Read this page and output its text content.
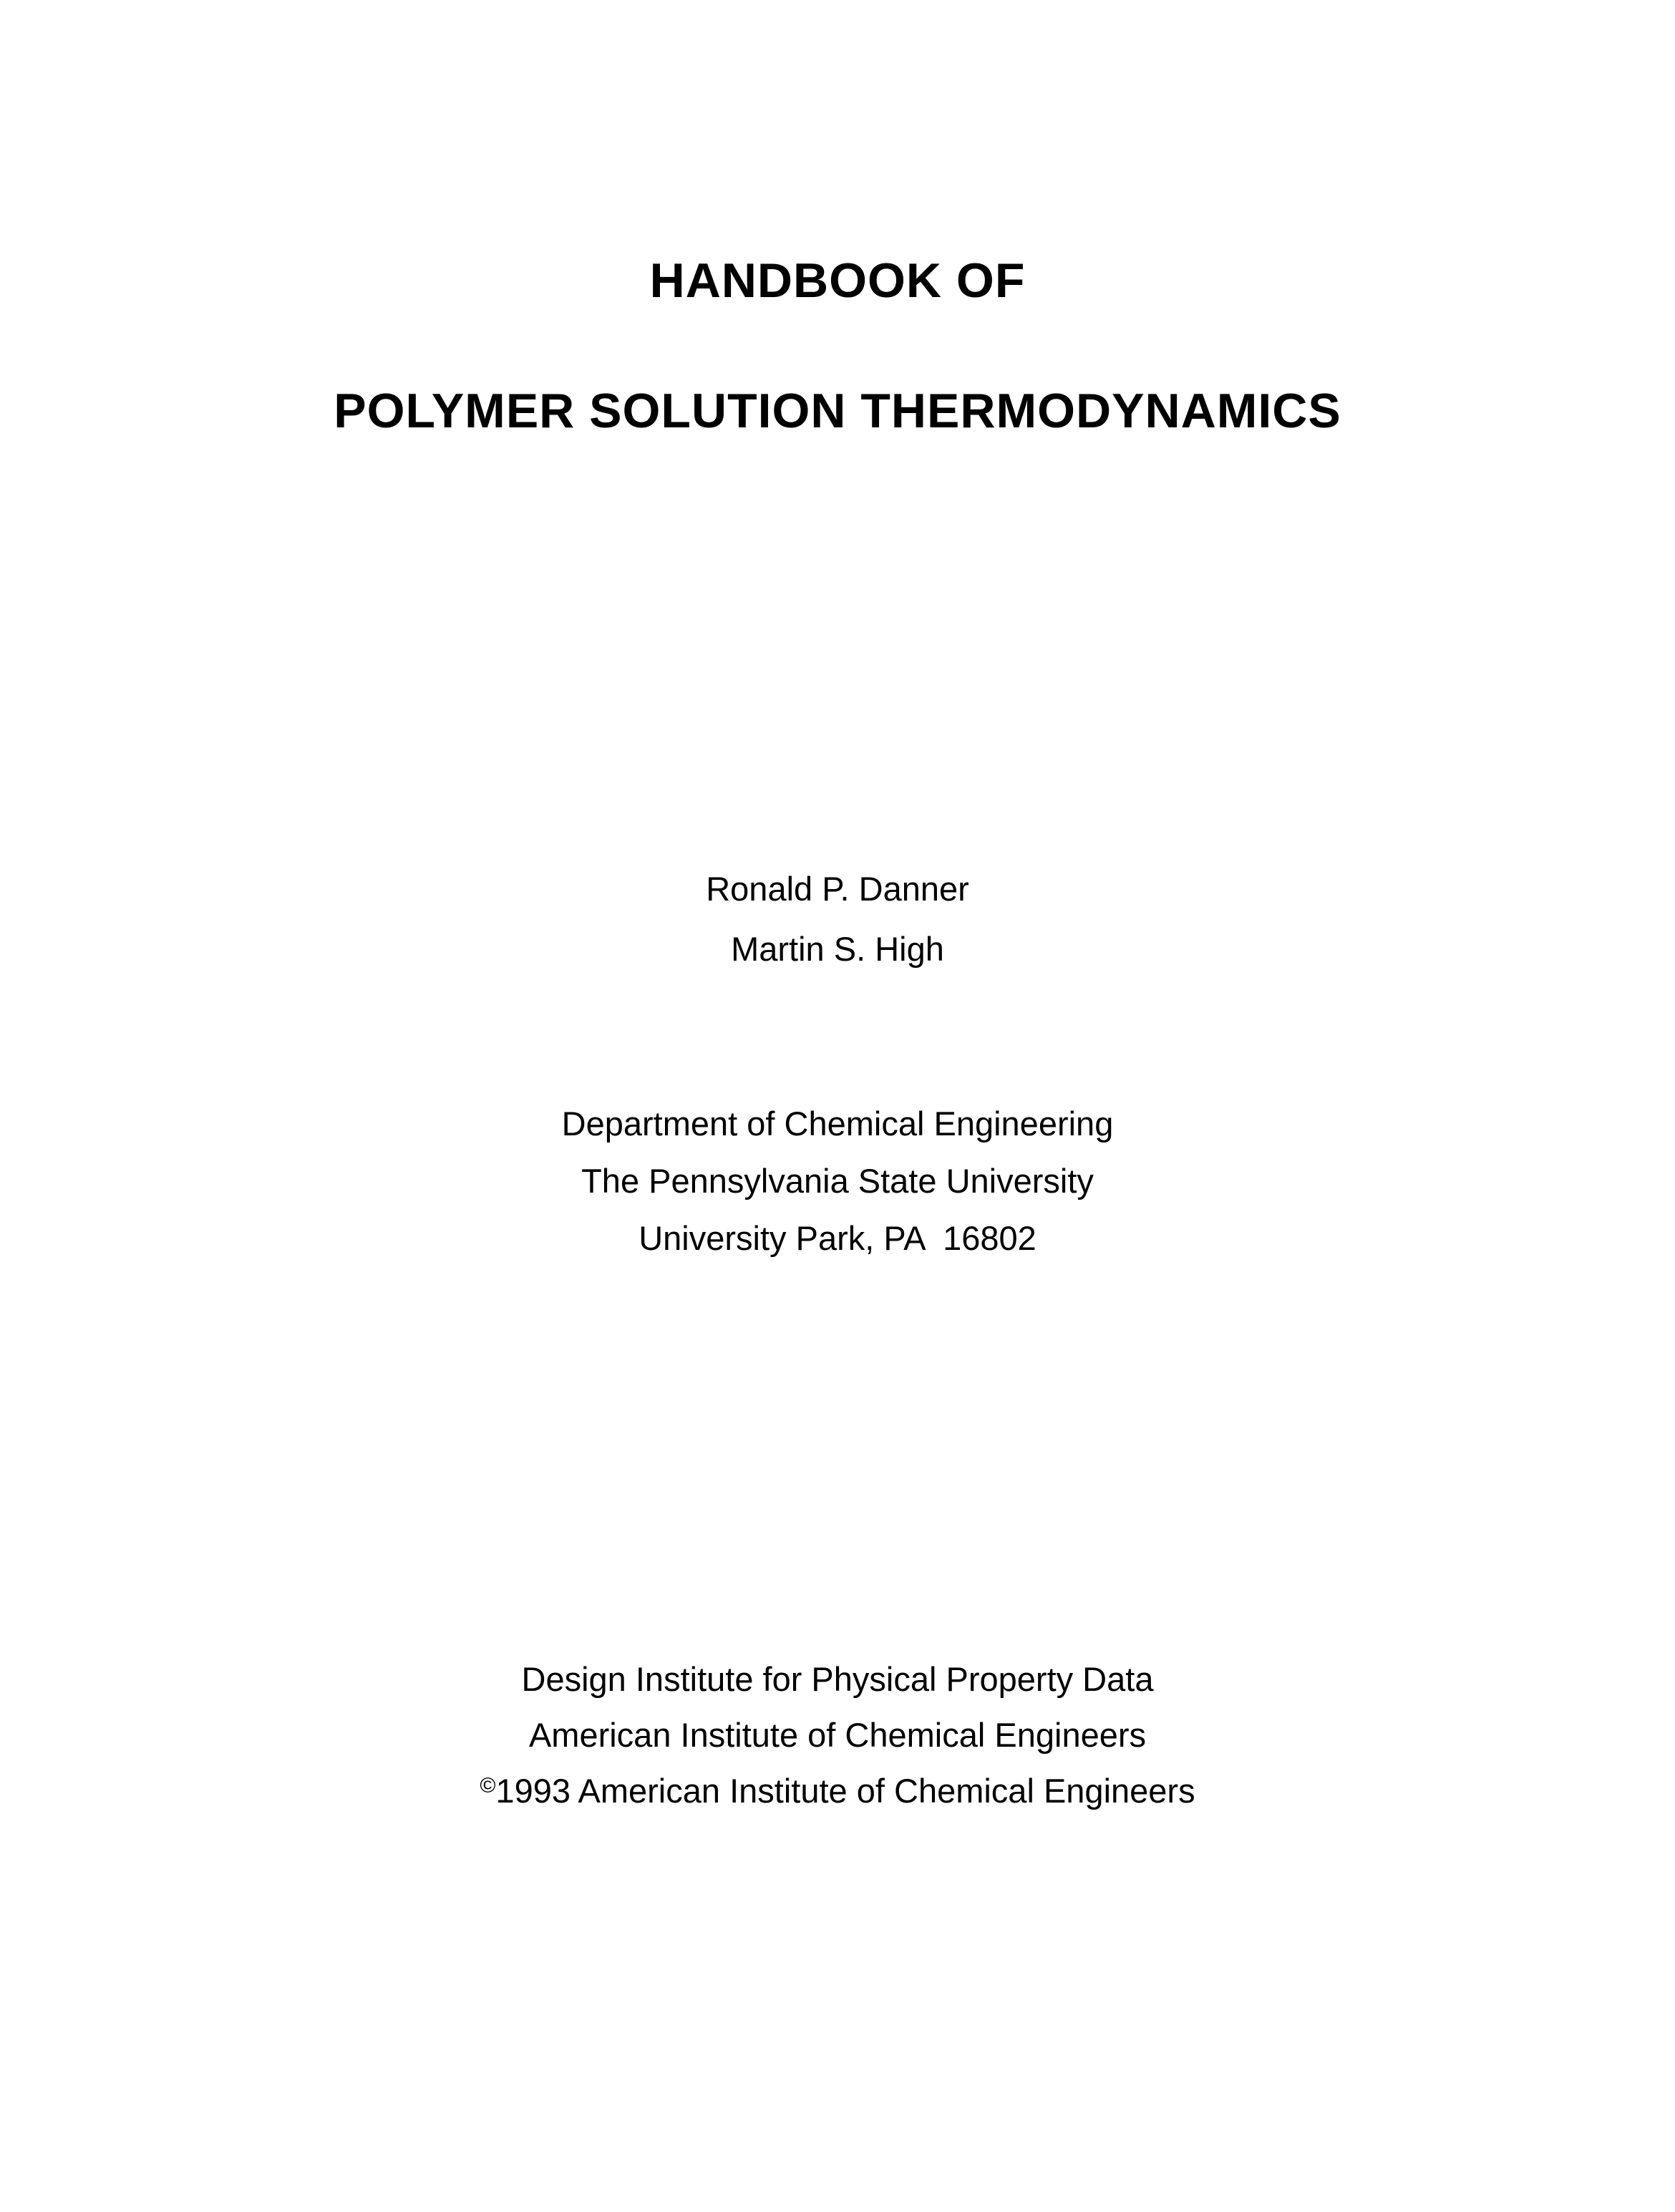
HANDBOOK OF
POLYMER SOLUTION THERMODYNAMICS
Ronald P. Danner
Martin S. High
Department of Chemical Engineering
The Pennsylvania State University
University Park, PA  16802
Design Institute for Physical Property Data
American Institute of Chemical Engineers
©1993 American Institute of Chemical Engineers
